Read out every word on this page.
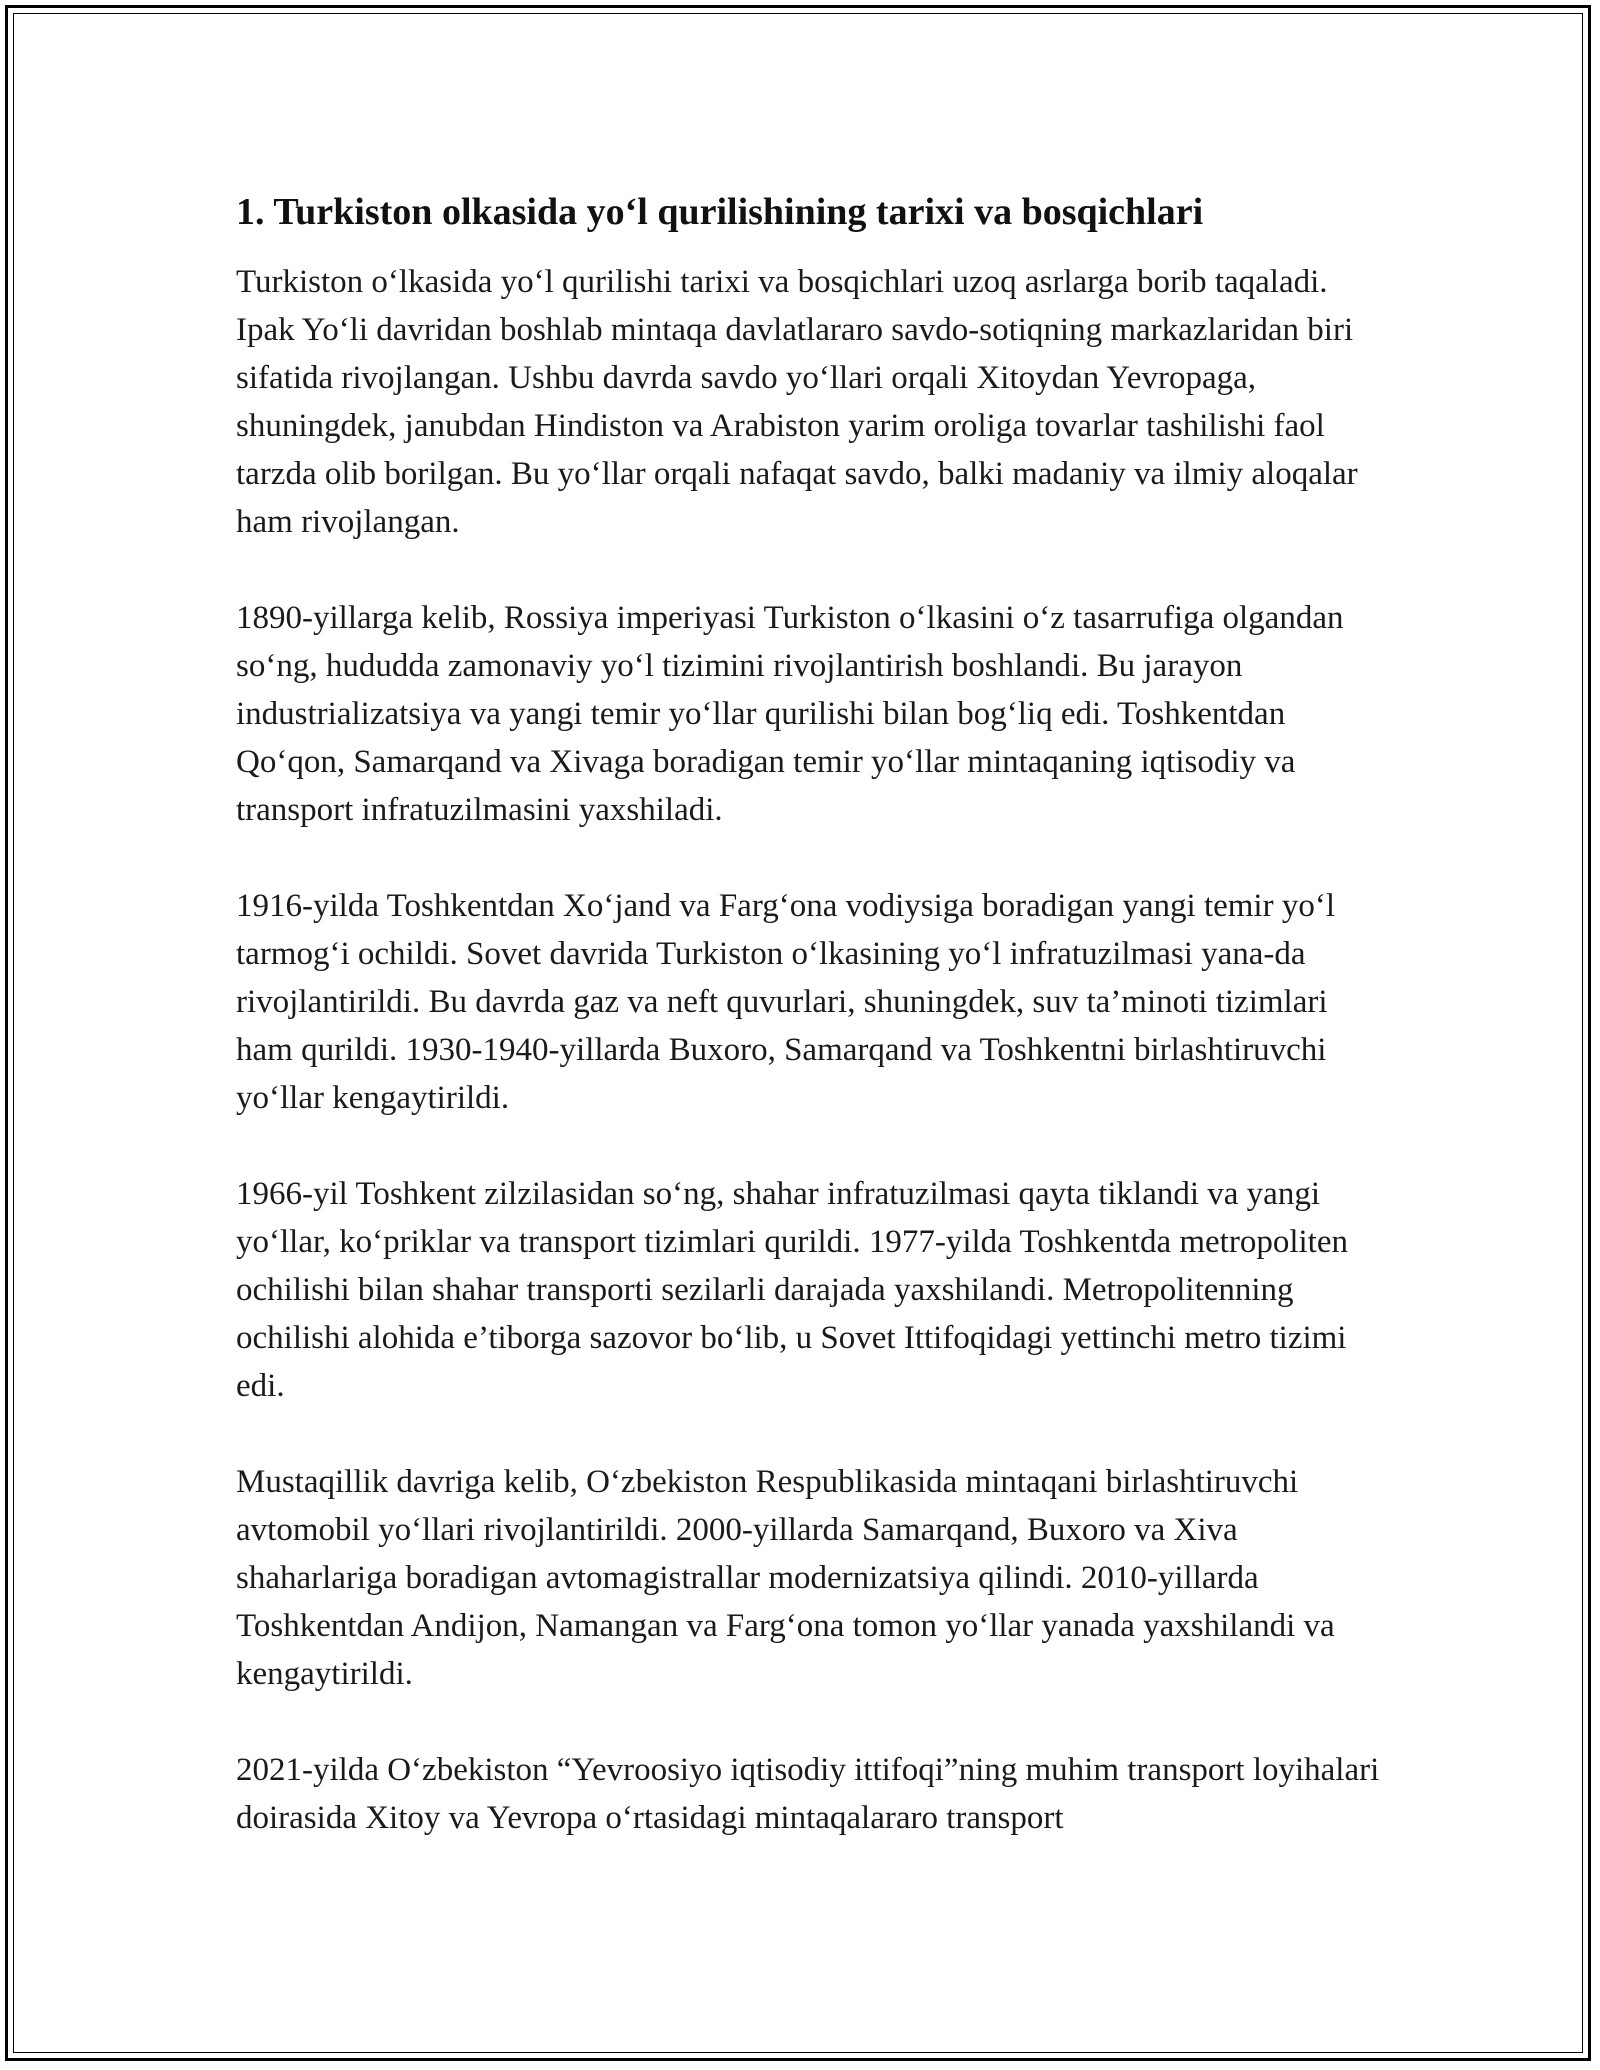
1. Turkiston olkasida yo‘l qurilishining tarixi va bosqichlari

Turkiston o‘lkasida yo‘l qurilishi tarixi va bosqichlari uzoq asrlarga borib taqaladi. Ipak Yo‘li davridan boshlab mintaqa davlatlararo savdo-sotiqning markazlaridan biri sifatida rivojlangan. Ushbu davrda savdo yo‘llari orqali Xitoydan Yevropaga, shuningdek, janubdan Hindiston va Arabiston yarim oroliga tovarlar tashilishi faol tarzda olib borilgan. Bu yo‘llar orqali nafaqat savdo, balki madaniy va ilmiy aloqalar ham rivojlangan.

1890-yillarga kelib, Rossiya imperiyasi Turkiston o‘lkasini o‘z tasarrufiga olgandan so‘ng, hududda zamonaviy yo‘l tizimini rivojlantirish boshlandi. Bu jarayon industrializatsiya va yangi temir yo‘llar qurilishi bilan bog‘liq edi. Toshkentdan Qo‘qon, Samarqand va Xivaga boradigan temir yo‘llar mintaqaning iqtisodiy va transport infratuzilmasini yaxshiladi.

1916-yilda Toshkentdan Xo‘jand va Farg‘ona vodiysiga boradigan yangi temir yo‘l tarmog‘i ochildi. Sovet davrida Turkiston o‘lkasining yo‘l infratuzilmasi yana-da rivojlantirildi. Bu davrda gaz va neft quvurlari, shuningdek, suv ta’minoti tizimlari ham qurildi. 1930-1940-yillarda Buxoro, Samarqand va Toshkentni birlashtiruvchi yo‘llar kengaytirildi.

1966-yil Toshkent zilzilasidan so‘ng, shahar infratuzilmasi qayta tiklandi va yangi yo‘llar, ko‘priklar va transport tizimlari qurildi. 1977-yilda Toshkentda metropoliten ochilishi bilan shahar transporti sezilarli darajada yaxshilandi. Metropolitenning ochilishi alohida e’tiborga sazovor bo‘lib, u Sovet Ittifoqidagi yettinchi metro tizimi edi.

Mustaqillik davriga kelib, O‘zbekiston Respublikasida mintaqani birlashtiruvchi avtomobil yo‘llari rivojlantirildi. 2000-yillarda Samarqand, Buxoro va Xiva shaharlariga boradigan avtomagistrallar modernizatsiya qilindi. 2010-yillarda Toshkentdan Andijon, Namangan va Farg‘ona tomon yo‘llar yanada yaxshilandi va kengaytirildi.

2021-yilda O‘zbekiston “Yevroosiyo iqtisodiy ittifoqi”ning muhim transport loyihalari doirasida Xitoy va Yevropa o‘rtasidagi mintaqalararo transport
